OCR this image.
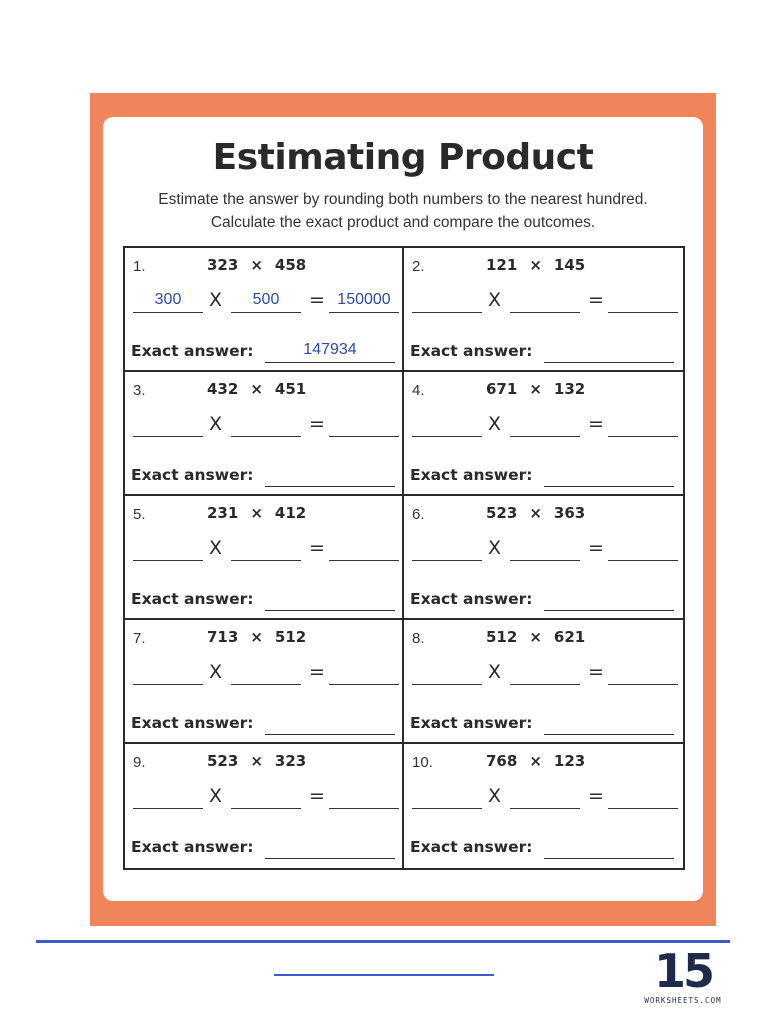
Estimating Product
Estimate the answer by rounding both numbers to the nearest hundred.
Calculate the exact product and compare the outcomes.
1.	323 × 458
300	X	500	= 150000
Exact answer:	147934
2.	121 × 145
X	=
Exact answer:
3.	432 × 451
X	=
Exact answer:
4.	671 × 132
X	=
Exact answer:
5.	231 × 412
X	=
Exact answer:
6.	523 × 363
X	=
Exact answer:
7.	713 × 512
X	=
Exact answer:
8.	512 × 621
X	=
Exact answer:
9.	523 × 323
X	=
Exact answer:
10.	768 × 123
X	=
Exact answer:
15
WORKSHEETS.COM
